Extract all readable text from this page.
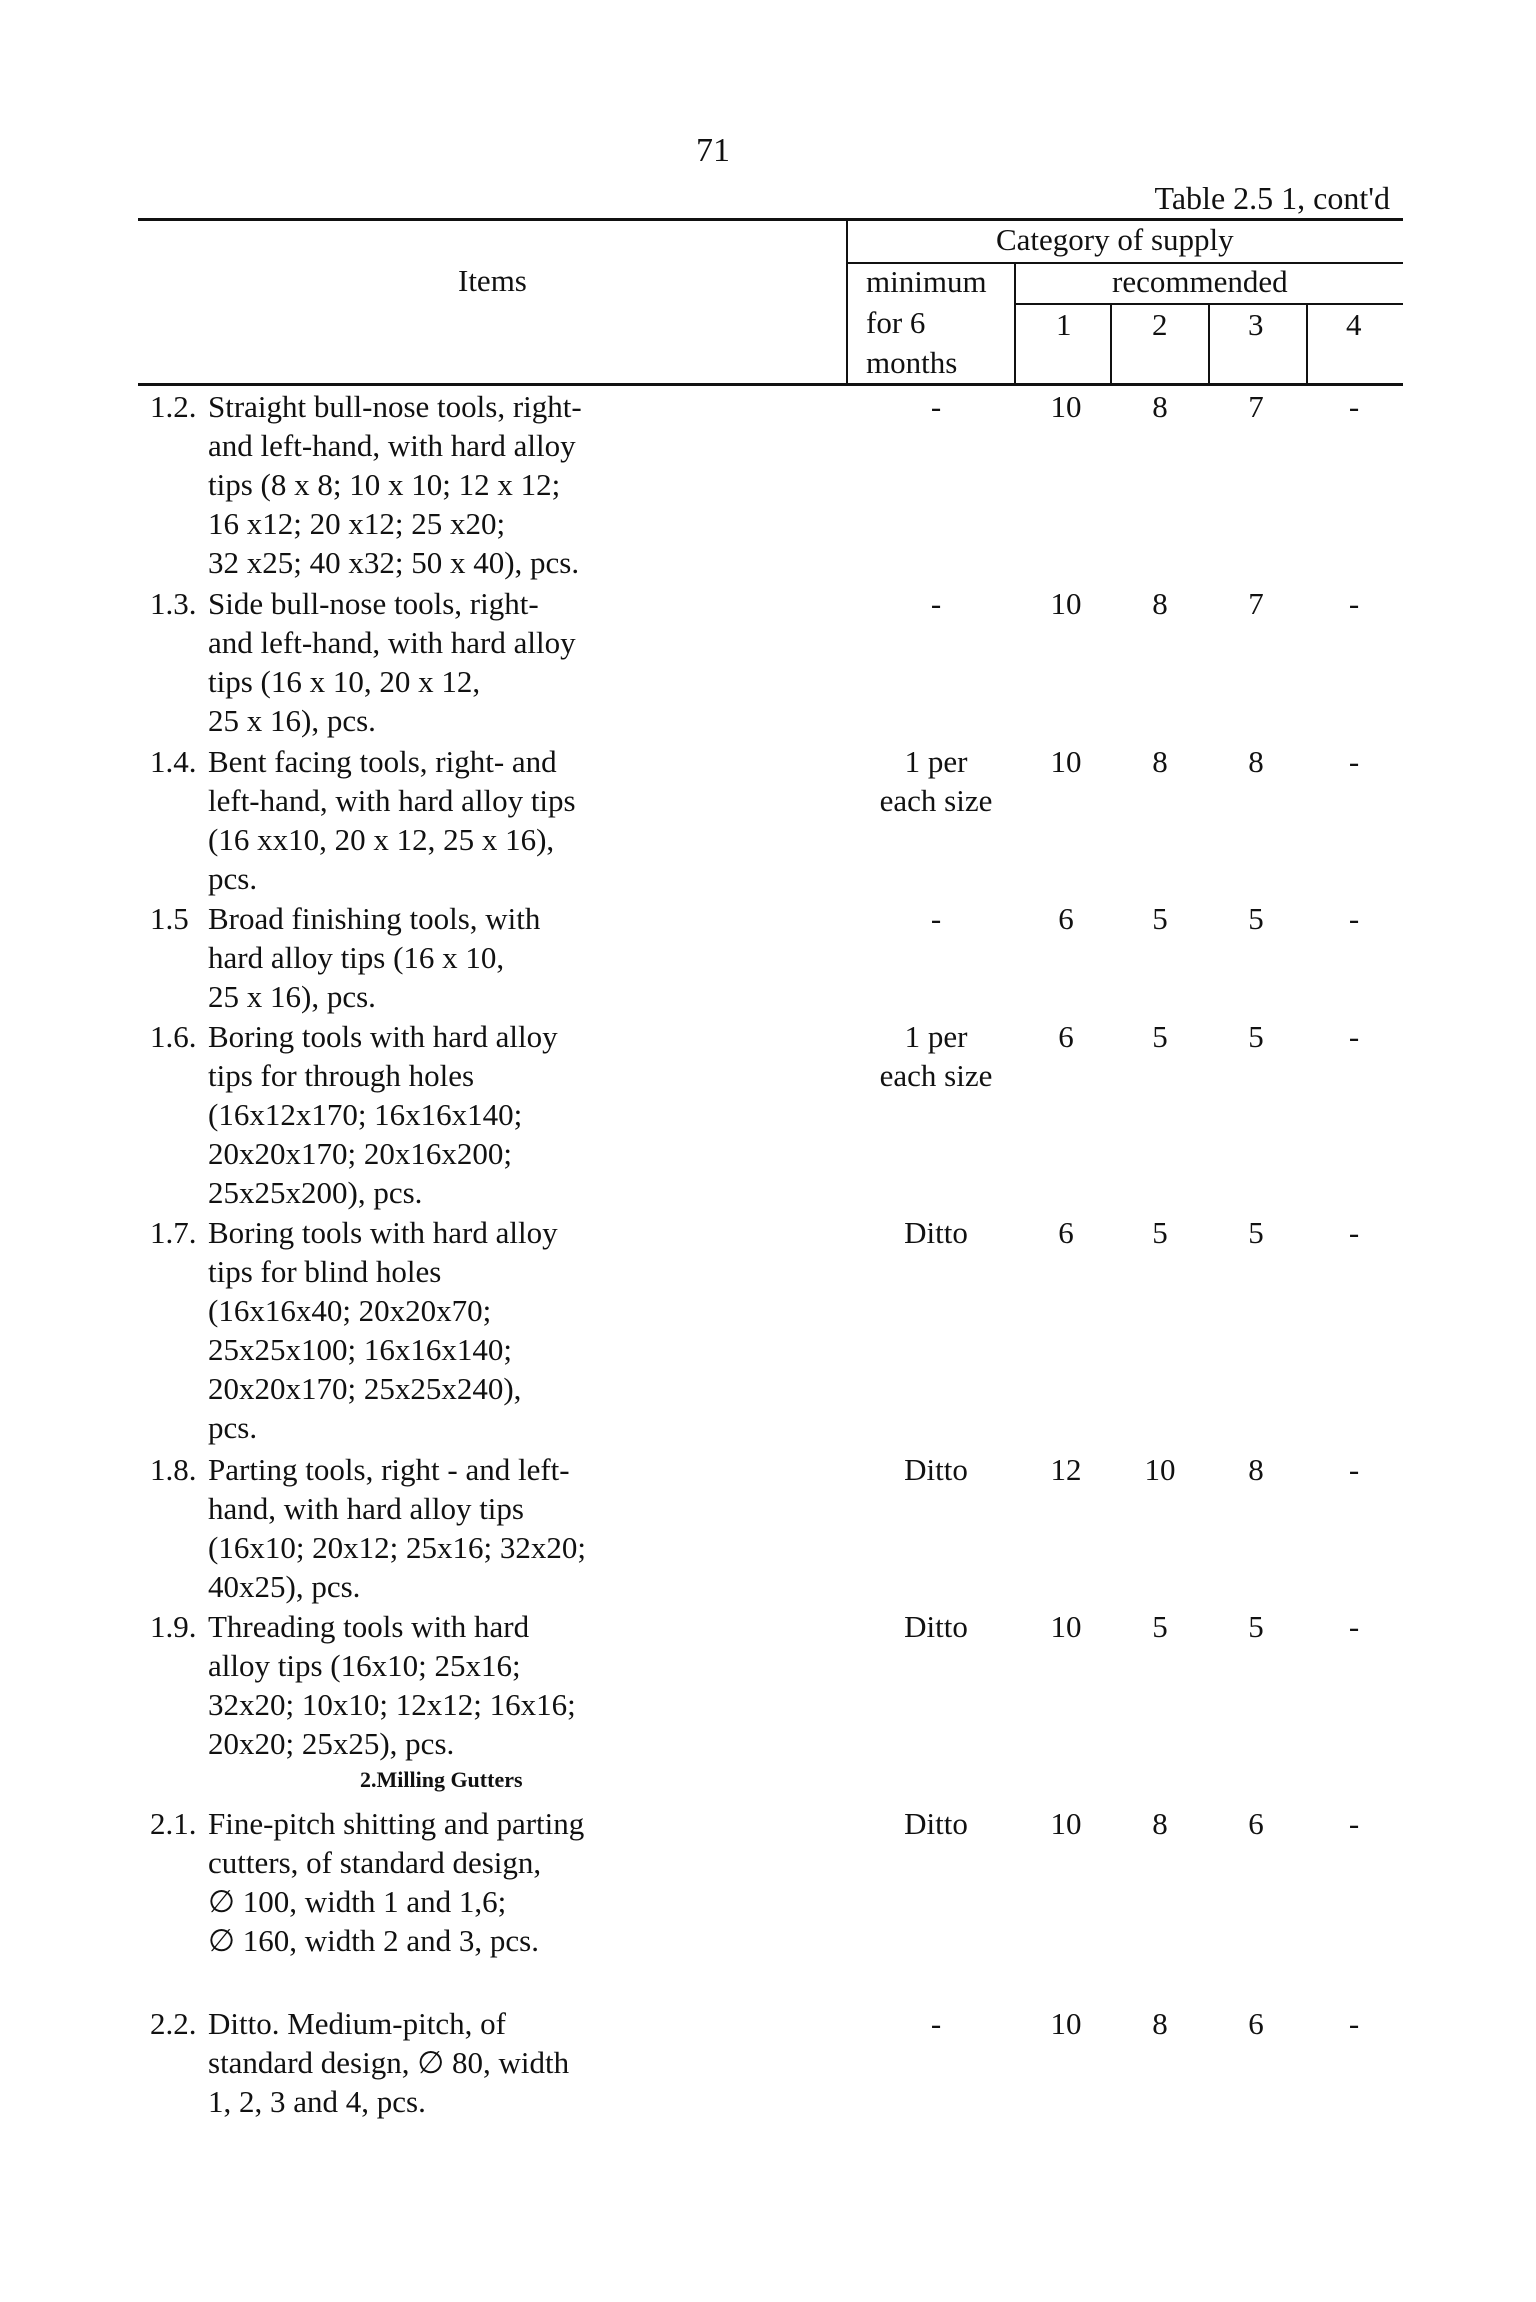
71
Table 2.5 1, cont'd
Items
Category of supply
minimum
for 6
months
recommended
1	2	3	4
1.2. Straight bull-nose tools, right-
and left-hand, with hard alloy
tips (8 x 8; 10 x 10; 12 x 12;
16 x12; 20 x12; 25 x20;
32 x25; 40 x32; 50 x 40), pcs.
-	10	8	7	-
1.3. Side bull-nose tools, right-
and left-hand, with hard alloy
tips (16 x 10, 20 x 12,
25 x 16), pcs.
-	10	8	7	-
1.4. Bent facing tools, right- and
left-hand, with hard alloy tips
(16 xx10, 20 x 12, 25 x 16),
pcs.
1 per
each size
10	8	8	-
1.5 Broad finishing tools, with
hard alloy tips (16 x 10,
25 x 16), pcs.
-	6	5	5	-
1.6. Boring tools with hard alloy
tips for through holes
(16x12x170; 16x16x140;
20x20x170; 20x16x200;
25x25x200), pcs.
1 per
each size
6	5	5	-
1.7. Boring tools with hard alloy
tips for blind holes
(16x16x40; 20x20x70;
25x25x100; 16x16x140;
20x20x170; 25x25x240),
pcs.
Ditto	6	5	5	-
1.8. Parting tools, right - and left-
hand, with hard alloy tips
(16x10; 20x12; 25x16; 32x20;
40x25), pcs.
Ditto	12	10	8	-
1.9. Threading tools with hard
alloy tips (16x10; 25x16;
32x20; 10x10; 12x12; 16x16;
20x20; 25x25), pcs.
Ditto	10	5	5	-
2.Milling Gutters
2.1. Fine-pitch shitting and parting
cutters, of standard design,
∅ 100, width 1 and 1,6;
∅ 160, width 2 and 3, pcs.
Ditto	10	8	6	-
2.2. Ditto. Medium-pitch, of
standard design, ∅ 80, width
1, 2, 3 and 4, pcs.
-	10	8	6	-
